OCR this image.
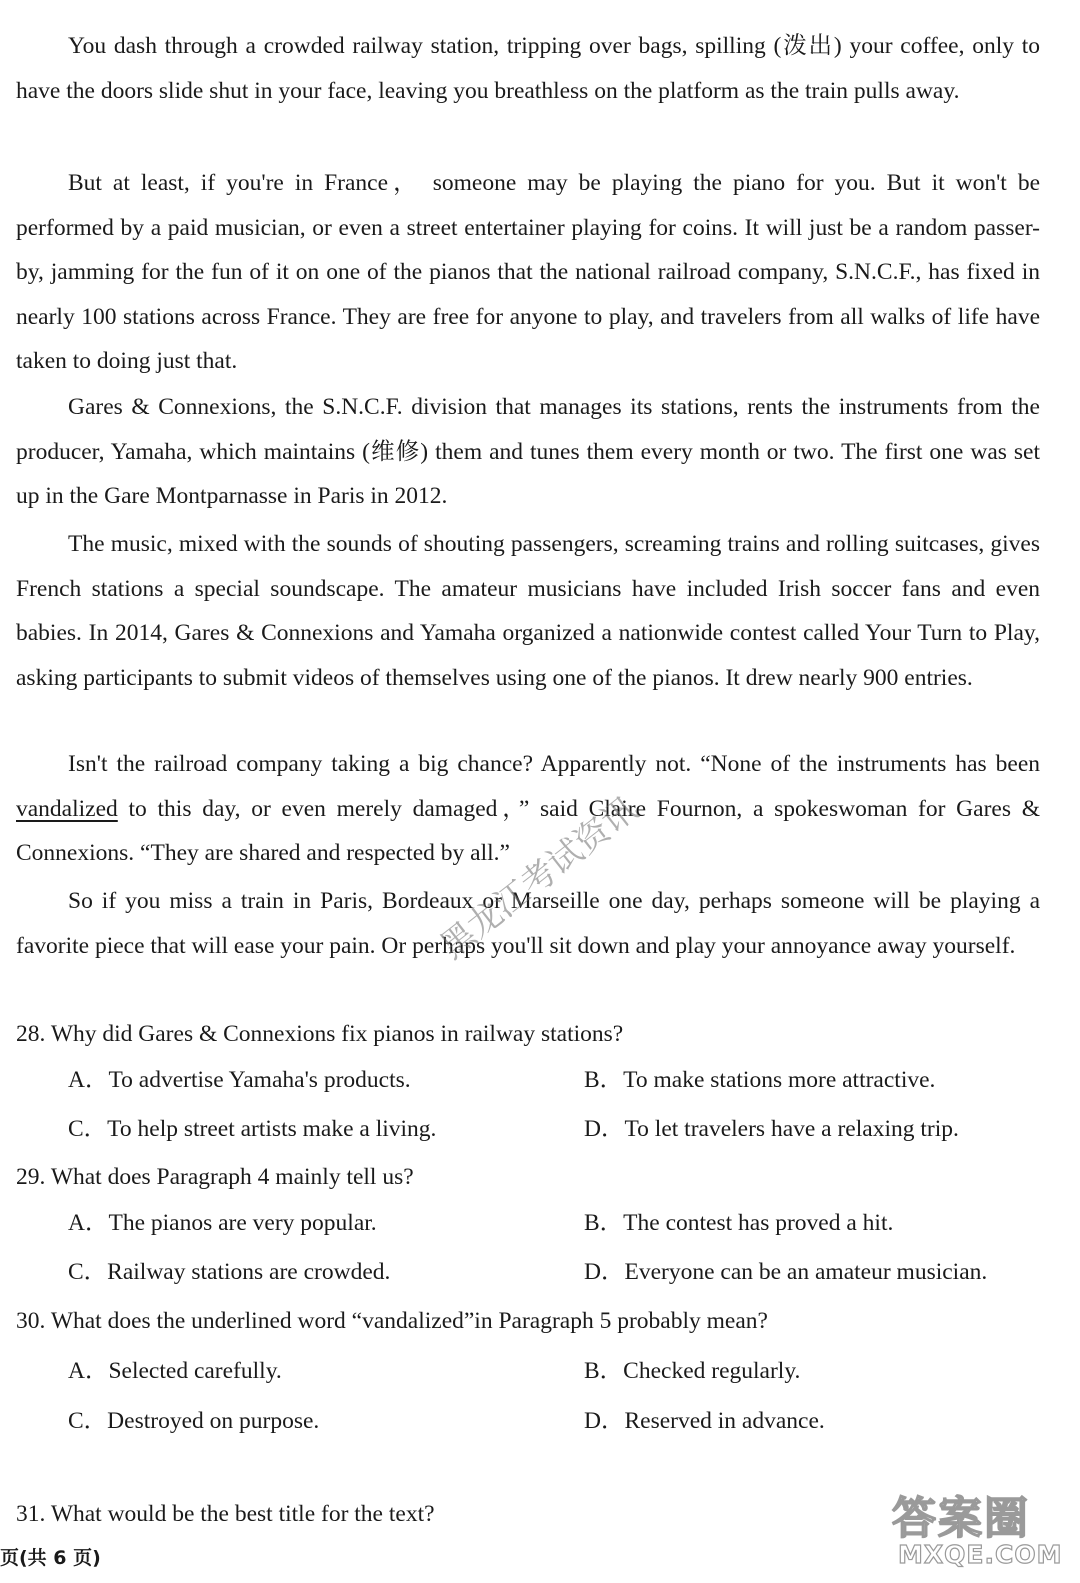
You dash through a crowded railway station, tripping over bags, spilling (泼出) your coffee, only to have the doors slide shut in your face, leaving you breathless on the platform as the train pulls away.

But at least, if you're in France， someone may be playing the piano for you. But it won't be performed by a paid musician, or even a street entertainer playing for coins. It will just be a random passer-by, jamming for the fun of it on one of the pianos that the national railroad company, S.N.C.F., has fixed in nearly 100 stations across France. They are free for anyone to play, and travelers from all walks of life have taken to doing just that.

Gares & Connexions, the S.N.C.F. division that manages its stations, rents the instruments from the producer, Yamaha, which maintains (维修) them and tunes them every month or two. The first one was set up in the Gare Montparnasse in Paris in 2012.

The music, mixed with the sounds of shouting passengers, screaming trains and rolling suitcases, gives French stations a special soundscape. The amateur musicians have included Irish soccer fans and even babies. In 2014, Gares & Connexions and Yamaha organized a nationwide contest called Your Turn to Play, asking participants to submit videos of themselves using one of the pianos. It drew nearly 900 entries.

Isn't the railroad company taking a big chance? Apparently not. “None of the instruments has been vandalized to this day, or even merely damaged，” said Claire Fournon, a spokeswoman for Gares & Connexions. “They are shared and respected by all.”

So if you miss a train in Paris, Bordeaux or Marseille one day, perhaps someone will be playing a favorite piece that will ease your pain. Or perhaps you'll sit down and play your annoyance away yourself.

28. Why did Gares & Connexions fix pianos in railway stations?

A．To advertise Yamaha's products.	B．To make stations more attractive.

C．To help street artists make a living.	D．To let travelers have a relaxing trip.

29. What does Paragraph 4 mainly tell us?

A．The pianos are very popular.	B．The contest has proved a hit.

C．Railway stations are crowded.	D．Everyone can be an amateur musician.

30. What does the underlined word “vandalized”in Paragraph 5 probably mean?

A．Selected carefully.	B．Checked regularly.

C．Destroyed on purpose.	D．Reserved in advance.

31. What would be the best title for the text?

页(共 6 页)
黑龙江考试资讯
答案圈
MXQE.COM
